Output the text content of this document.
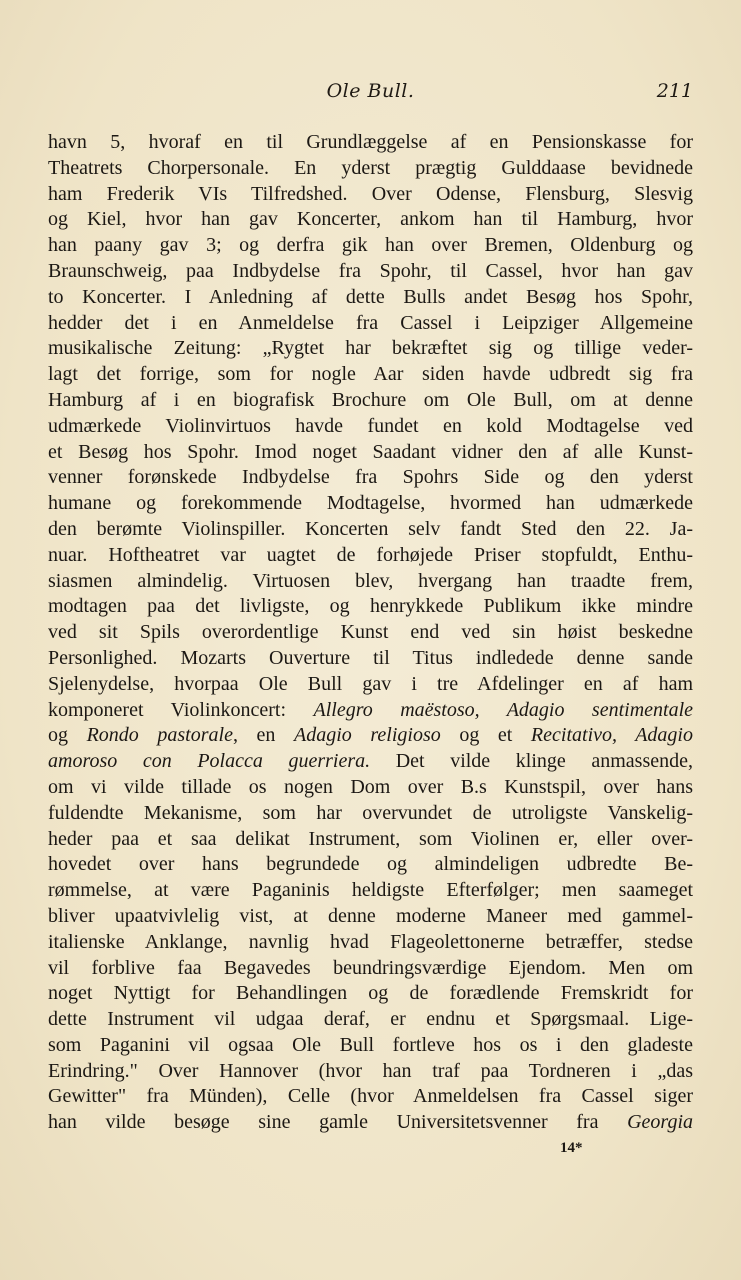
Ole Bull.	211
havn 5, hvoraf en til Grundlæggelse af en Pensionskasse for
Theatrets Chorpersonale. En yderst prægtig Gulddaase bevidnede
ham Frederik VIs Tilfredshed. Over Odense, Flensburg, Slesvig
og Kiel, hvor han gav Koncerter, ankom han til Hamburg, hvor
han paany gav 3; og derfra gik han over Bremen, Oldenburg og
Braunschweig, paa Indbydelse fra Spohr, til Cassel, hvor han gav
to Koncerter. I Anledning af dette Bulls andet Besøg hos Spohr,
hedder det i en Anmeldelse fra Cassel i Leipziger Allgemeine
musikalische Zeitung: „Rygtet har bekræftet sig og tillige veder-
lagt det forrige, som for nogle Aar siden havde udbredt sig fra
Hamburg af i en biografisk Brochure om Ole Bull, om at denne
udmærkede Violinvirtuos havde fundet en kold Modtagelse ved
et Besøg hos Spohr. Imod noget Saadant vidner den af alle Kunst-
venner forønskede Indbydelse fra Spohrs Side og den yderst
humane og forekommende Modtagelse, hvormed han udmærkede
den berømte Violinspiller. Koncerten selv fandt Sted den 22. Ja-
nuar. Hoftheatret var uagtet de forhøjede Priser stopfuldt, Enthu-
siasmen almindelig. Virtuosen blev, hvergang han traadte frem,
modtagen paa det livligste, og henrykkede Publikum ikke mindre
ved sit Spils overordentlige Kunst end ved sin høist beskedne
Personlighed. Mozarts Ouverture til Titus indledede denne sande
Sjelenydelse, hvorpaa Ole Bull gav i tre Afdelinger en af ham
komponeret Violinkoncert: Allegro maëstoso, Adagio sentimentale
og Rondo pastorale, en Adagio religioso og et Recitativo, Adagio
amoroso con Polacca guerriera. Det vilde klinge anmassende,
om vi vilde tillade os nogen Dom over B.s Kunstspil, over hans
fuldendte Mekanisme, som har overvundet de utroligste Vanskelig-
heder paa et saa delikat Instrument, som Violinen er, eller over-
hovedet over hans begrundede og almindeligen udbredte Be-
rømmelse, at være Paganinis heldigste Efterfølger; men saameget
bliver upaatvivlelig vist, at denne moderne Maneer med gammel-
italienske Anklange, navnlig hvad Flageolettonerne betræffer, stedse
vil forblive faa Begavedes beundringsværdige Ejendom. Men om
noget Nyttigt for Behandlingen og de forædlende Fremskridt for
dette Instrument vil udgaa deraf, er endnu et Spørgsmaal. Lige-
som Paganini vil ogsaa Ole Bull fortleve hos os i den gladeste
Erindring." Over Hannover (hvor han traf paa Tordneren i „das
Gewitter" fra Münden), Celle (hvor Anmeldelsen fra Cassel siger
han vilde besøge sine gamle Universitetsvenner fra Georgia
14*
